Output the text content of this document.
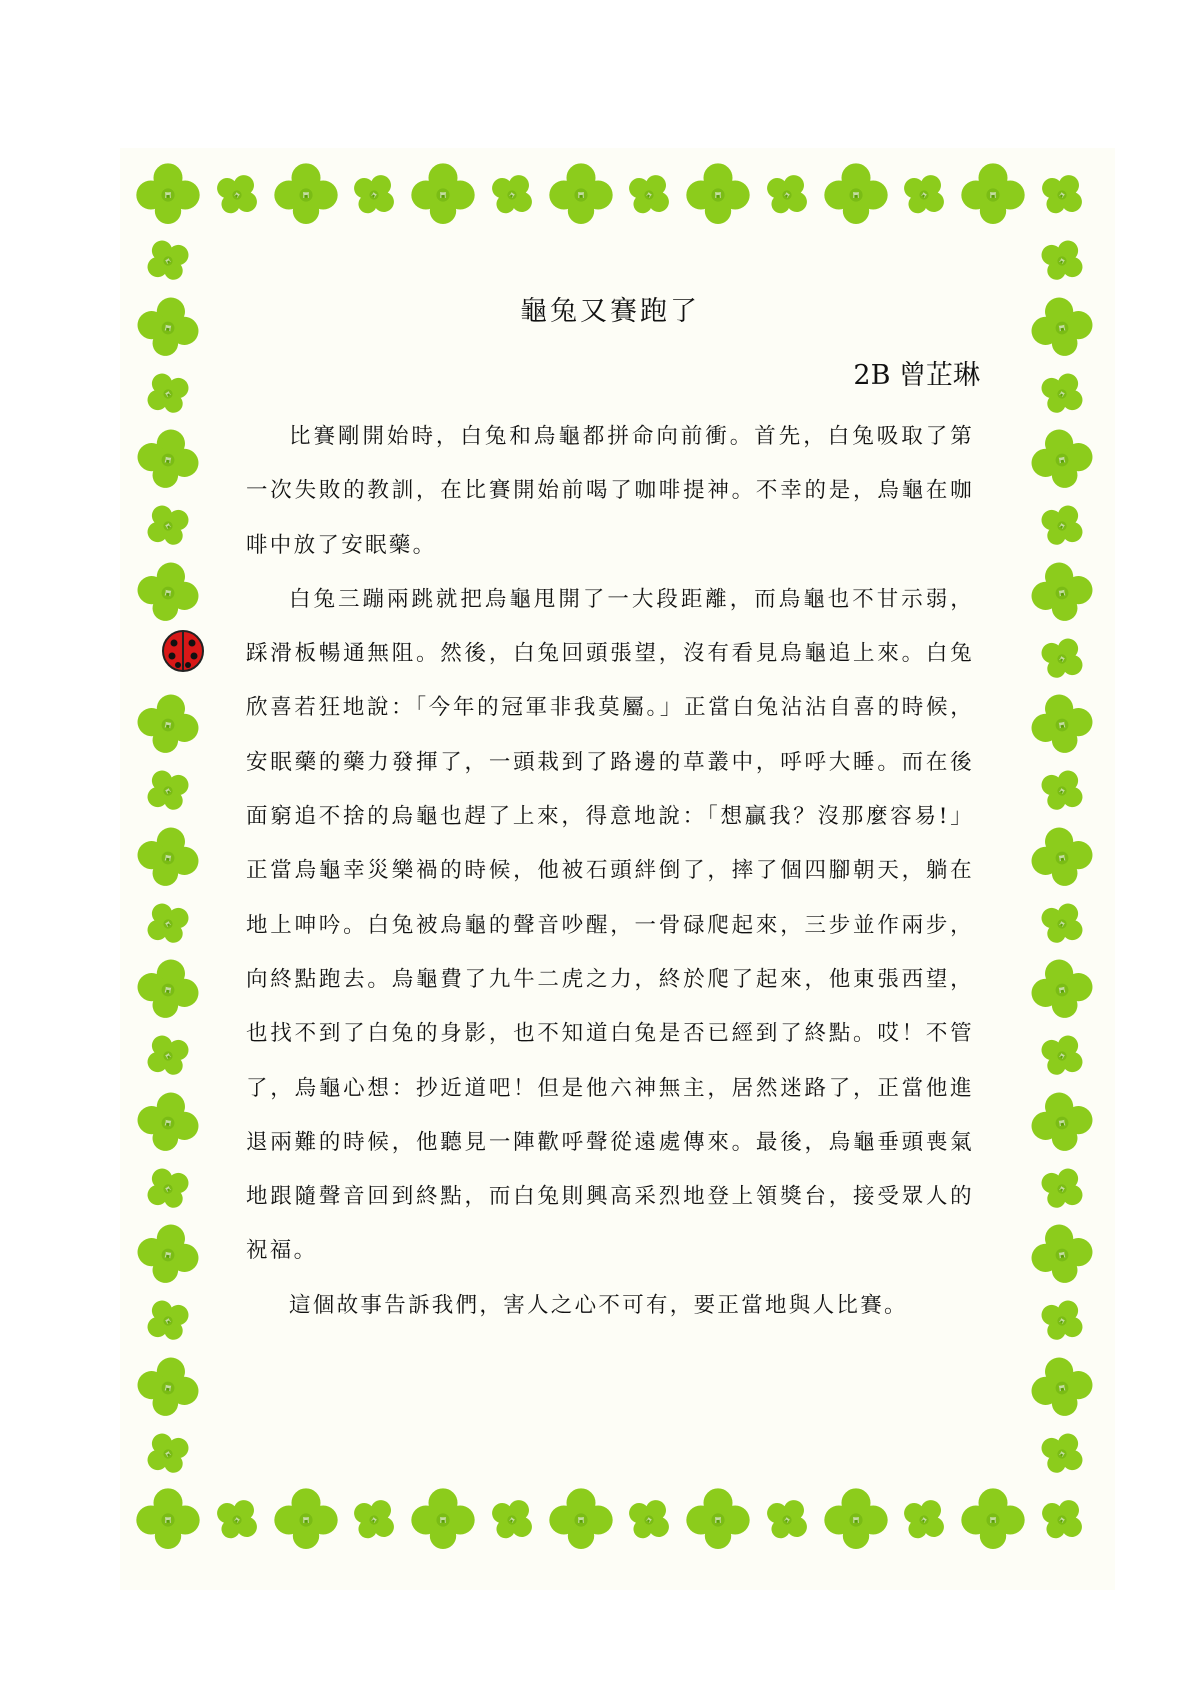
龜兔又賽跑了
2B 曾芷琳

比賽剛開始時，白兔和烏龜都拼命向前衝。首先，白兔吸取了第一次失敗的教訓，在比賽開始前喝了咖啡提神。不幸的是，烏龜在咖啡中放了安眠藥。

白兔三蹦兩跳就把烏龜甩開了一大段距離，而烏龜也不甘示弱，踩滑板暢通無阻。然後，白兔回頭張望，沒有看見烏龜追上來。白兔欣喜若狂地說：「今年的冠軍非我莫屬。」正當白兔沾沾自喜的時候，安眠藥的藥力發揮了，一頭栽到了路邊的草叢中，呼呼大睡。而在後面窮追不捨的烏龜也趕了上來，得意地說：「想贏我？沒那麼容易!」正當烏龜幸災樂禍的時候，他被石頭絆倒了，摔了個四腳朝天，躺在地上呻吟。白兔被烏龜的聲音吵醒，一骨碌爬起來，三步並作兩步，向終點跑去。烏龜費了九牛二虎之力，終於爬了起來，他東張西望，也找不到了白兔的身影，也不知道白兔是否已經到了終點。哎！不管了，烏龜心想：抄近道吧！但是他六神無主，居然迷路了，正當他進退兩難的時候，他聽見一陣歡呼聲從遠處傳來。最後，烏龜垂頭喪氣地跟隨聲音回到終點，而白兔則興高采烈地登上領獎台，接受眾人的祝福。

這個故事告訴我們，害人之心不可有，要正當地與人比賽。
